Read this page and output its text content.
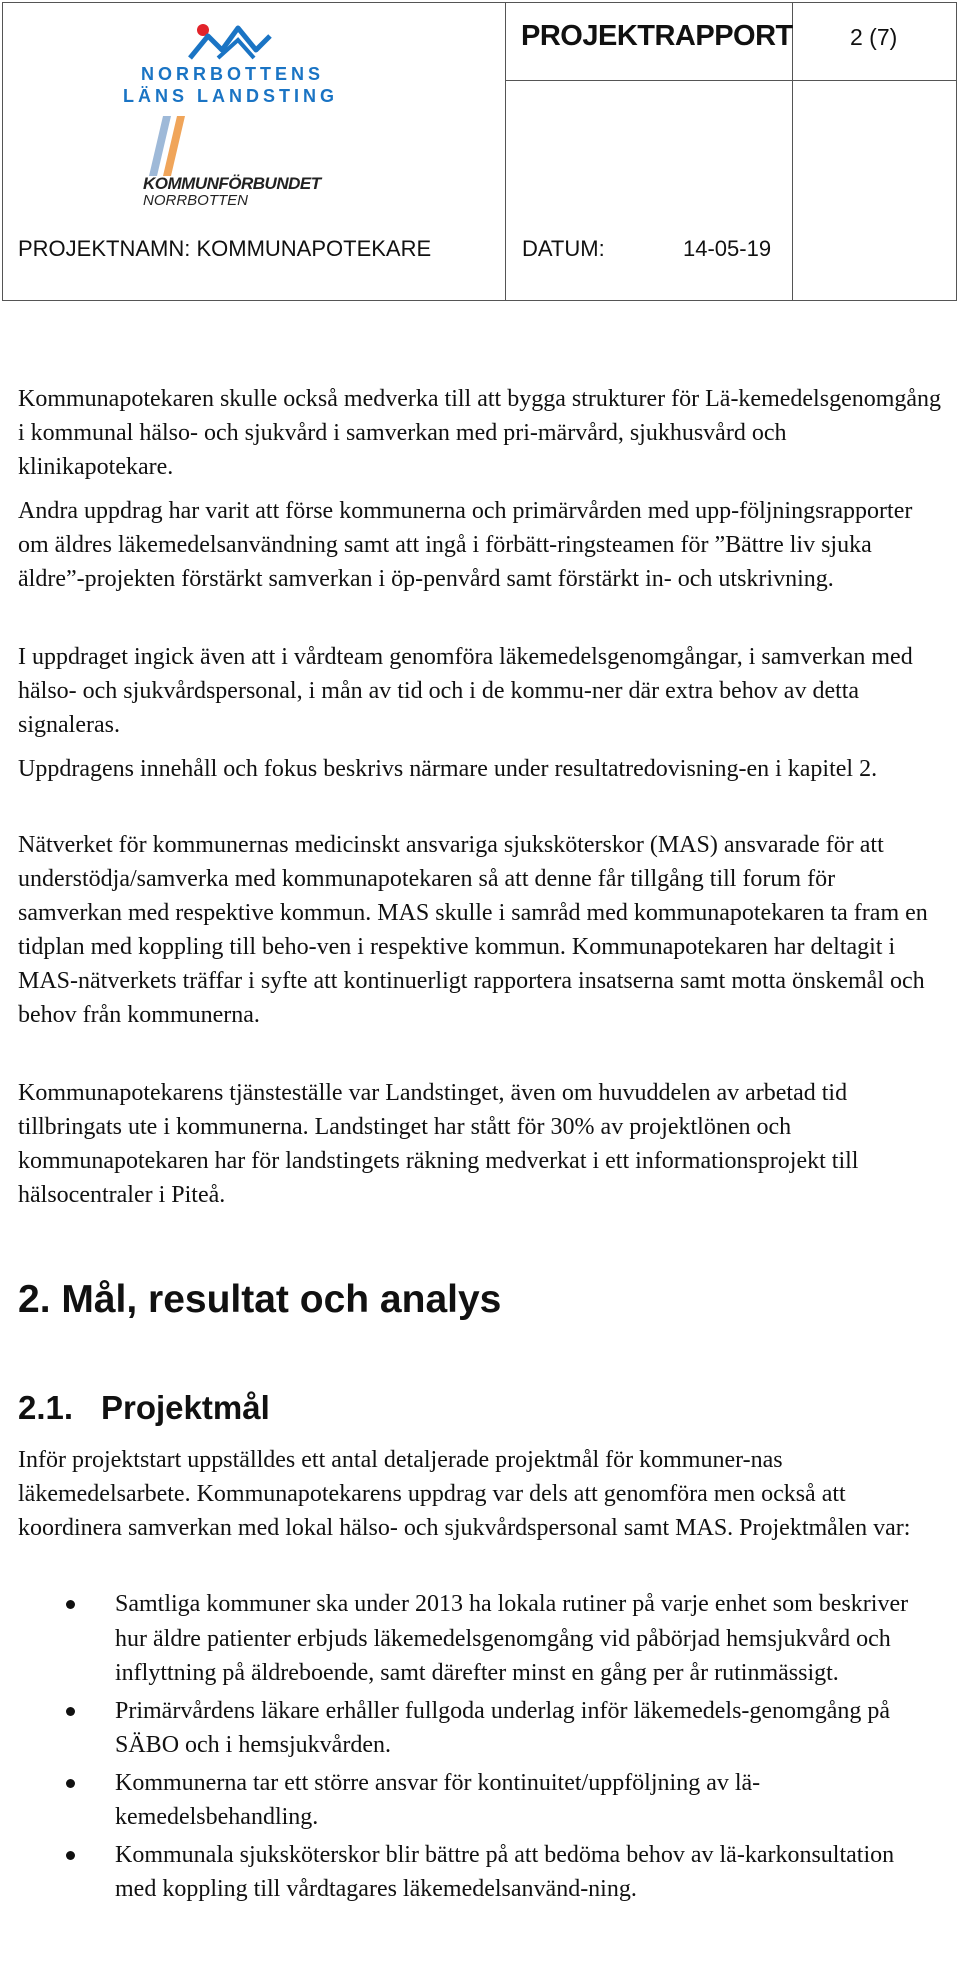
NORRBOTTENS
LÄNS LANDSTING
KOMMUNFÖRBUNDET
NORRBOTTEN
PROJEKTRAPPORT 2 (7)
PROJEKTNAMN: KOMMUNAPOTEKARE	DATUM:	14-05-19

Kommunapotekaren skulle också medverka till att bygga strukturer för Lä-kemedelsgenomgång i kommunal hälso- och sjukvård i samverkan med pri-märvård, sjukhusvård och klinikapotekare.

Andra uppdrag har varit att förse kommunerna och primärvården med upp-följningsrapporter om äldres läkemedelsanvändning samt att ingå i förbätt-ringsteamen för ”Bättre liv sjuka äldre”-projekten förstärkt samverkan i öp-penvård samt förstärkt in- och utskrivning.

I uppdraget ingick även att i vårdteam genomföra läkemedelsgenomgångar, i samverkan med hälso- och sjukvårdspersonal, i mån av tid och i de kommu-ner där extra behov av detta signaleras.

Uppdragens innehåll och fokus beskrivs närmare under resultatredovisning-en i kapitel 2.

Nätverket för kommunernas medicinskt ansvariga sjuksköterskor (MAS) ansvarade för att understödja/samverka med kommunapotekaren så att denne får tillgång till forum för samverkan med respektive kommun. MAS skulle i samråd med kommunapotekaren ta fram en tidplan med koppling till beho-ven i respektive kommun. Kommunapotekaren har deltagit i MAS-nätverkets träffar i syfte att kontinuerligt rapportera insatserna samt motta önskemål och behov från kommunerna.

Kommunapotekarens tjänsteställe var Landstinget, även om huvuddelen av arbetad tid tillbringats ute i kommunerna. Landstinget har stått för 30% av projektlönen och kommunapotekaren har för landstingets räkning medverkat i ett informationsprojekt till hälsocentraler i Piteå.

2. Mål, resultat och analys
2.1. Projektmål

Inför projektstart uppställdes ett antal detaljerade projektmål för kommuner-nas läkemedelsarbete. Kommunapotekarens uppdrag var dels att genomföra men också att koordinera samverkan med lokal hälso- och sjukvårdspersonal samt MAS. Projektmålen var:

Samtliga kommuner ska under 2013 ha lokala rutiner på varje enhet som beskriver hur äldre patienter erbjuds läkemedelsgenomgång vid påbörjad hemsjukvård och inflyttning på äldreboende, samt därefter minst en gång per år rutinmässigt.
Primärvårdens läkare erhåller fullgoda underlag inför läkemedels-genomgång på SÄBO och i hemsjukvården.
Kommunerna tar ett större ansvar för kontinuitet/uppföljning av lä-kemedelsbehandling.
Kommunala sjuksköterskor blir bättre på att bedöma behov av lä-karkonsultation med koppling till vårdtagares läkemedelsanvänd-ning.
